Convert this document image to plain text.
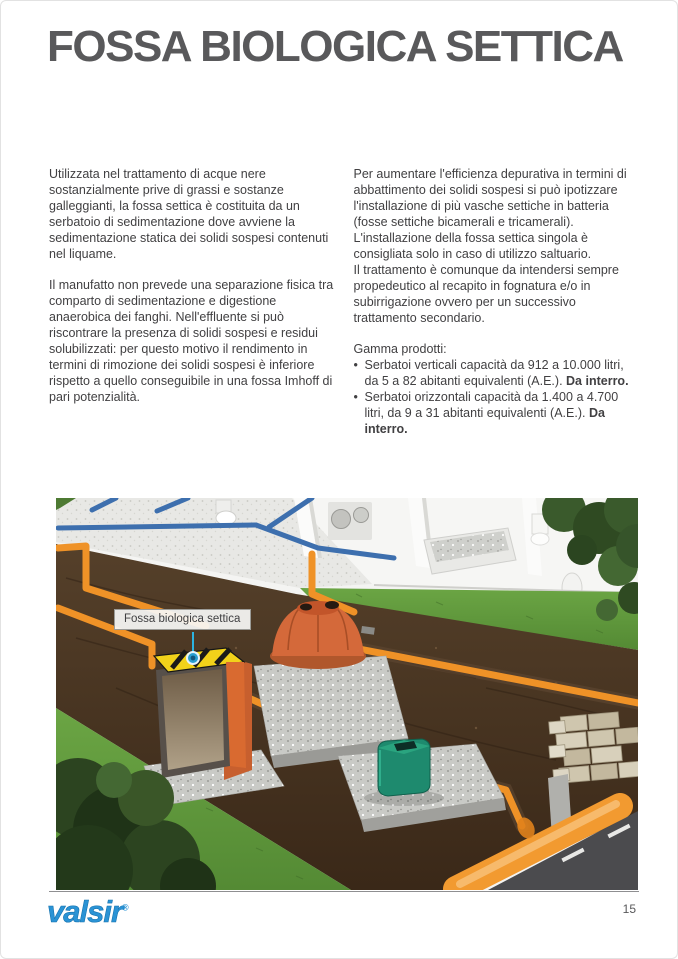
FOSSA BIOLOGICA SETTICA

Utilizzata nel trattamento di acque nere sostanzialmente prive di grassi e sostanze galleggianti, la fossa settica è costituita da un serbatoio di sedimentazione dove avviene la sedimentazione statica dei solidi sospesi contenuti nel liquame.

Il manufatto non prevede una separazione fisica tra comparto di sedimentazione e digestione anaerobica dei fanghi. Nell'effluente si può riscontrare la presenza di solidi sospesi e residui solubilizzati: per questo motivo il rendimento in termini di rimozione dei solidi sospesi è inferiore rispetto a quello conseguibile in una fossa Imhoff di pari potenzialità.

Per aumentare l'efficienza depurativa in termini di abbattimento dei solidi sospesi si può ipotizzare l'installazione di più vasche settiche in batteria (fosse settiche bicamerali e tricamerali).

L'installazione della fossa settica singola è consigliata solo in caso di utilizzo saltuario.

Il trattamento è comunque da intendersi sempre propedeutico al recapito in fognatura e/o in subirrigazione ovvero per un successivo trattamento secondario.

Gamma prodotti:

• Serbatoi verticali capacità da 912 a 10.000 litri, da 5 a 82 abitanti equivalenti (A.E.). Da interro.
• Serbatoi orizzontali capacità da 1.400 a 4.700 litri, da 9 a 31 abitanti equivalenti (A.E.). Da interro.
Fossa biologica settica
valsir®	15
